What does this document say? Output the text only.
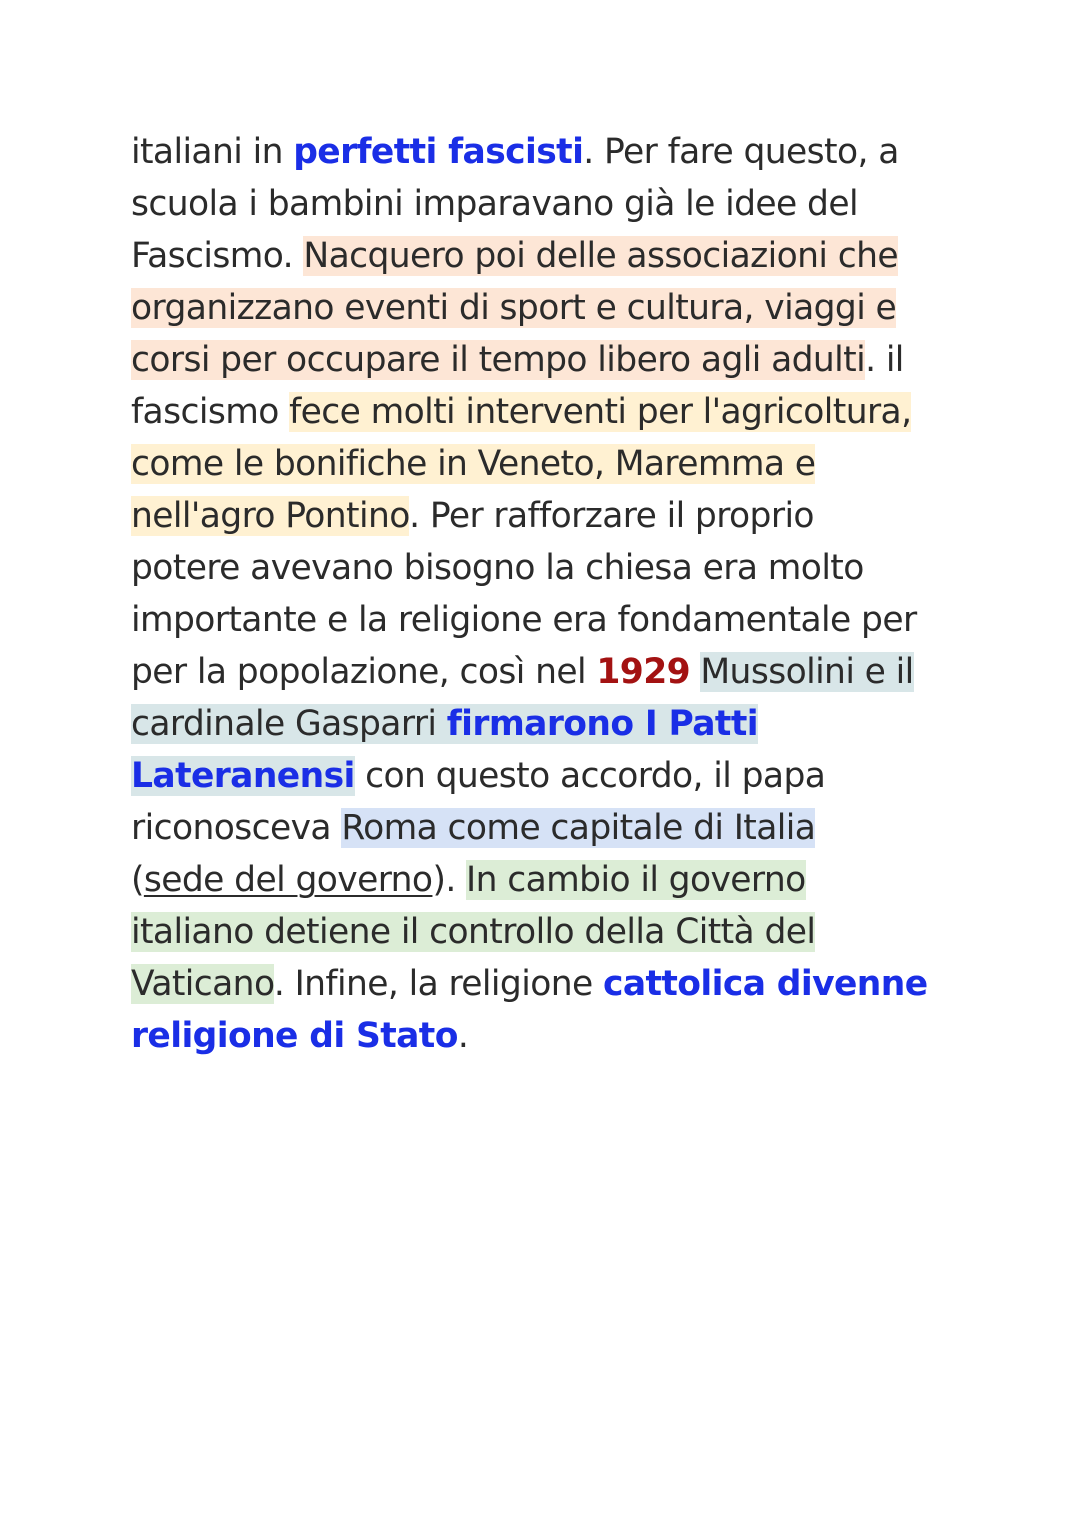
italiani in perfetti fascisti. Per fare questo, a
scuola i bambini imparavano già le idee del
Fascismo. Nacquero poi delle associazioni che
organizzano eventi di sport e cultura, viaggi e
corsi per occupare il tempo libero agli adulti. il
fascismo fece molti interventi per l'agricoltura,
come le bonifiche in Veneto, Maremma e
nell'agro Pontino. Per rafforzare il proprio
potere avevano bisogno la chiesa era molto
importante e la religione era fondamentale per
per la popolazione, così nel 1929 Mussolini e il
cardinale Gasparri firmarono I Patti
Lateranensi con questo accordo, il papa
riconosceva Roma come capitale di Italia
(sede del governo). In cambio il governo
italiano detiene il controllo della Città del
Vaticano. Infine, la religione cattolica divenne
religione di Stato.
